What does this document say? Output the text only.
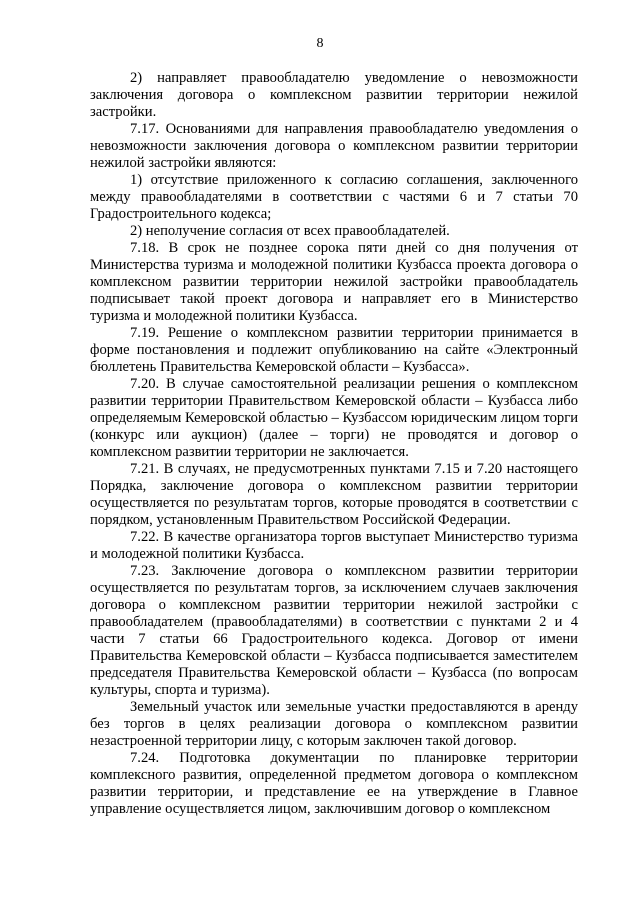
8

2) направляет правообладателю уведомление о невозможности заключения договора о комплексном развитии территории нежилой застройки.

7.17. Основаниями для направления правообладателю уведомления о невозможности заключения договора о комплексном развитии территории нежилой застройки являются:

1) отсутствие приложенного к согласию соглашения, заключенного между правообладателями в соответствии с частями 6 и 7 статьи 70 Градостроительного кодекса;

2) неполучение согласия от всех правообладателей.

7.18. В срок не позднее сорока пяти дней со дня получения от Министерства туризма и молодежной политики Кузбасса проекта договора о комплексном развитии территории нежилой застройки правообладатель подписывает такой проект договора и направляет его в Министерство туризма и молодежной политики Кузбасса.

7.19. Решение о комплексном развитии территории принимается в форме постановления и подлежит опубликованию на сайте «Электронный бюллетень Правительства Кемеровской области – Кузбасса».

7.20. В случае самостоятельной реализации решения о комплексном развитии территории Правительством Кемеровской области – Кузбасса либо определяемым Кемеровской областью – Кузбассом юридическим лицом торги (конкурс или аукцион) (далее – торги) не проводятся и договор о комплексном развитии территории не заключается.

7.21. В случаях, не предусмотренных пунктами 7.15 и 7.20 настоящего Порядка, заключение договора о комплексном развитии территории осуществляется по результатам торгов, которые проводятся в соответствии с порядком, установленным Правительством Российской Федерации.

7.22. В качестве организатора торгов выступает Министерство туризма и молодежной политики Кузбасса.

7.23. Заключение договора о комплексном развитии территории осуществляется по результатам торгов, за исключением случаев заключения договора о комплексном развитии территории нежилой застройки с правообладателем (правообладателями) в соответствии с пунктами 2 и 4 части 7 статьи 66 Градостроительного кодекса. Договор от имени Правительства Кемеровской области – Кузбасса подписывается заместителем председателя Правительства Кемеровской области – Кузбасса (по вопросам культуры, спорта и туризма).

Земельный участок или земельные участки предоставляются в аренду без торгов в целях реализации договора о комплексном развитии незастроенной территории лицу, с которым заключен такой договор.

7.24. Подготовка документации по планировке территории комплексного развития, определенной предметом договора о комплексном развитии территории, и представление ее на утверждение в Главное управление осуществляется лицом, заключившим договор о комплексном
